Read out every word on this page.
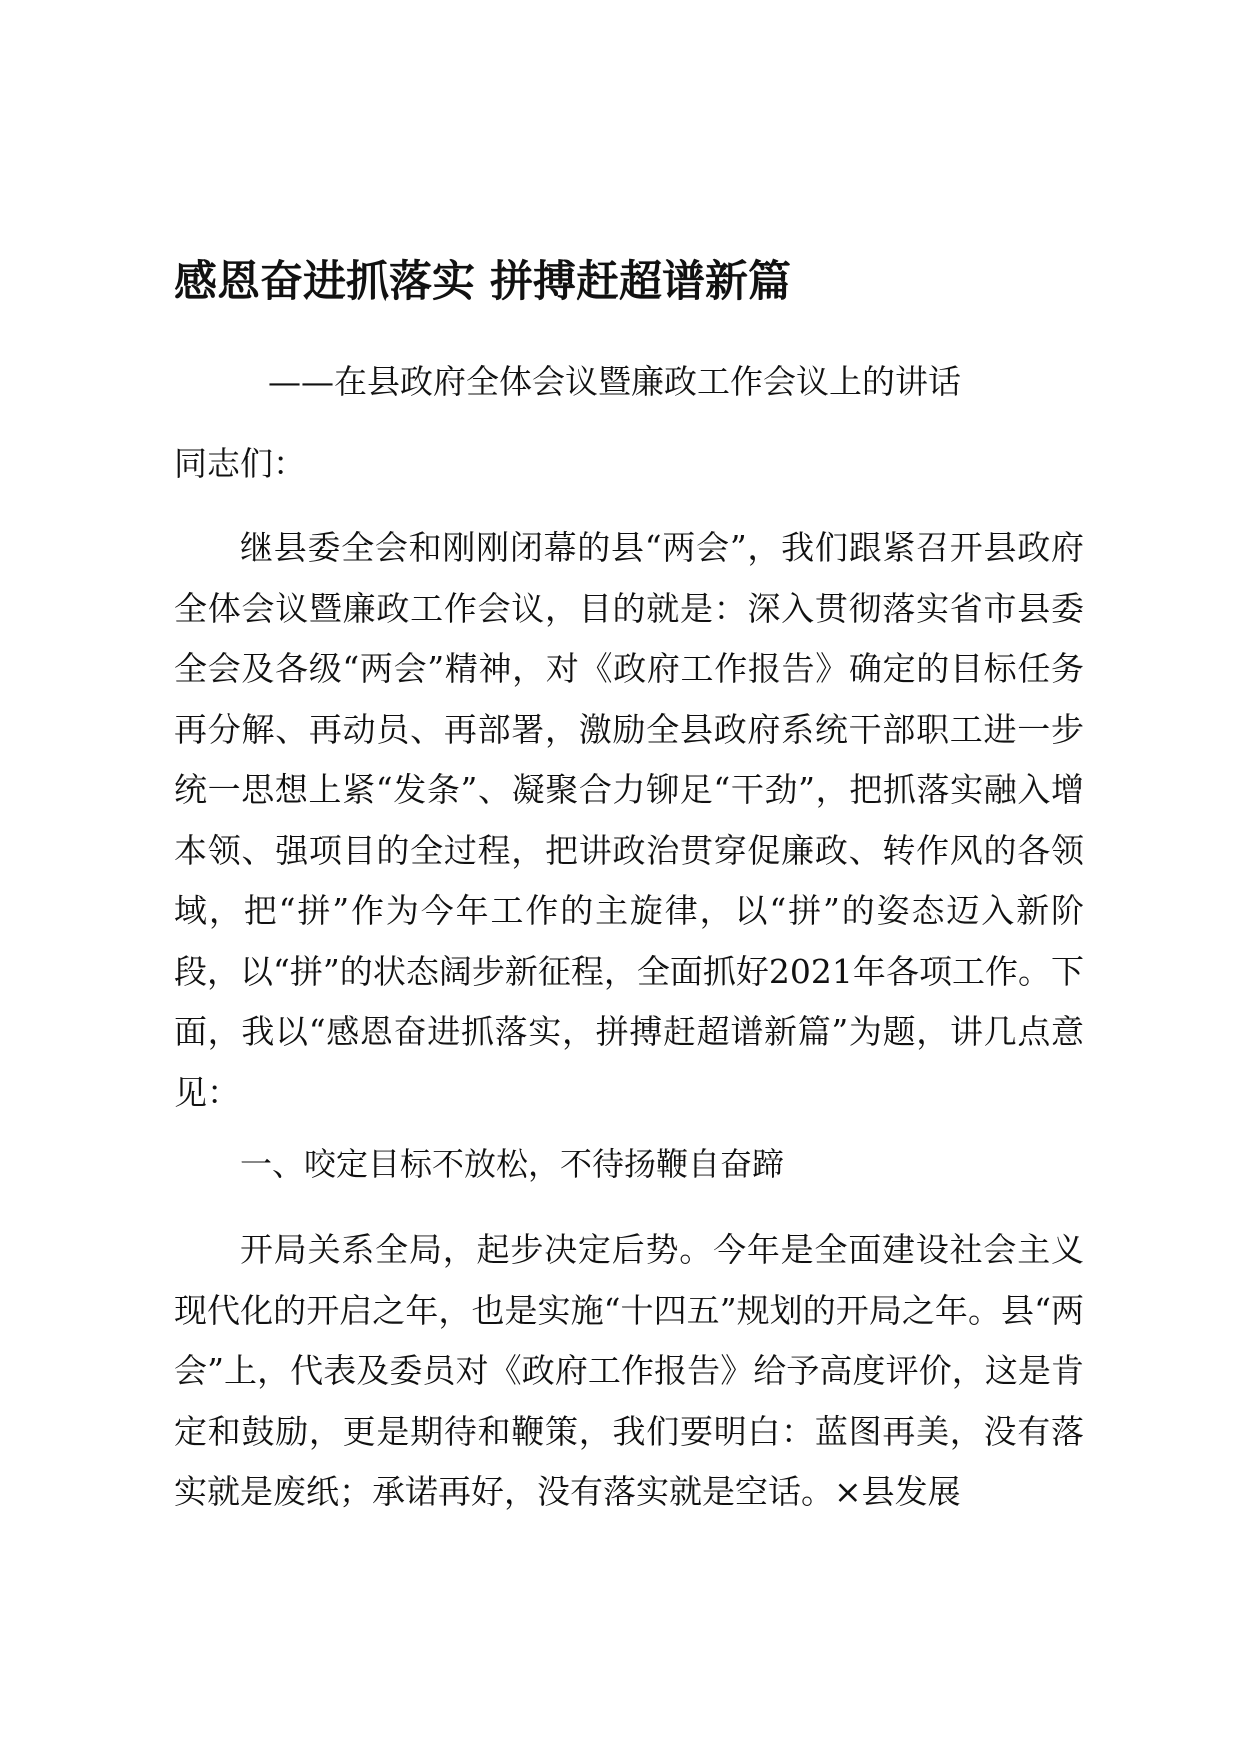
感恩奋进抓落实 拼搏赶超谱新篇
——在县政府全体会议暨廉政工作会议上的讲话
同志们：

继县委全会和刚刚闭幕的县“两会”，我们跟紧召开县政府全体会议暨廉政工作会议，目的就是：深入贯彻落实省市县委全会及各级“两会”精神，对《政府工作报告》确定的目标任务再分解、再动员、再部署，激励全县政府系统干部职工进一步统一思想上紧“发条”、凝聚合力铆足“干劲”，把抓落实融入增本领、强项目的全过程，把讲政治贯穿促廉政、转作风的各领域，把“拼”作为今年工作的主旋律，以“拼”的姿态迈入新阶段，以“拼”的状态阔步新征程，全面抓好2021年各项工作。下面，我以“感恩奋进抓落实，拼搏赶超谱新篇”为题，讲几点意见：

一、咬定目标不放松，不待扬鞭自奋蹄

开局关系全局，起步决定后势。今年是全面建设社会主义现代化的开启之年，也是实施“十四五”规划的开局之年。县“两会”上，代表及委员对《政府工作报告》给予高度评价，这是肯定和鼓励，更是期待和鞭策，我们要明白：蓝图再美，没有落实就是废纸；承诺再好，没有落实就是空话。×县发展
